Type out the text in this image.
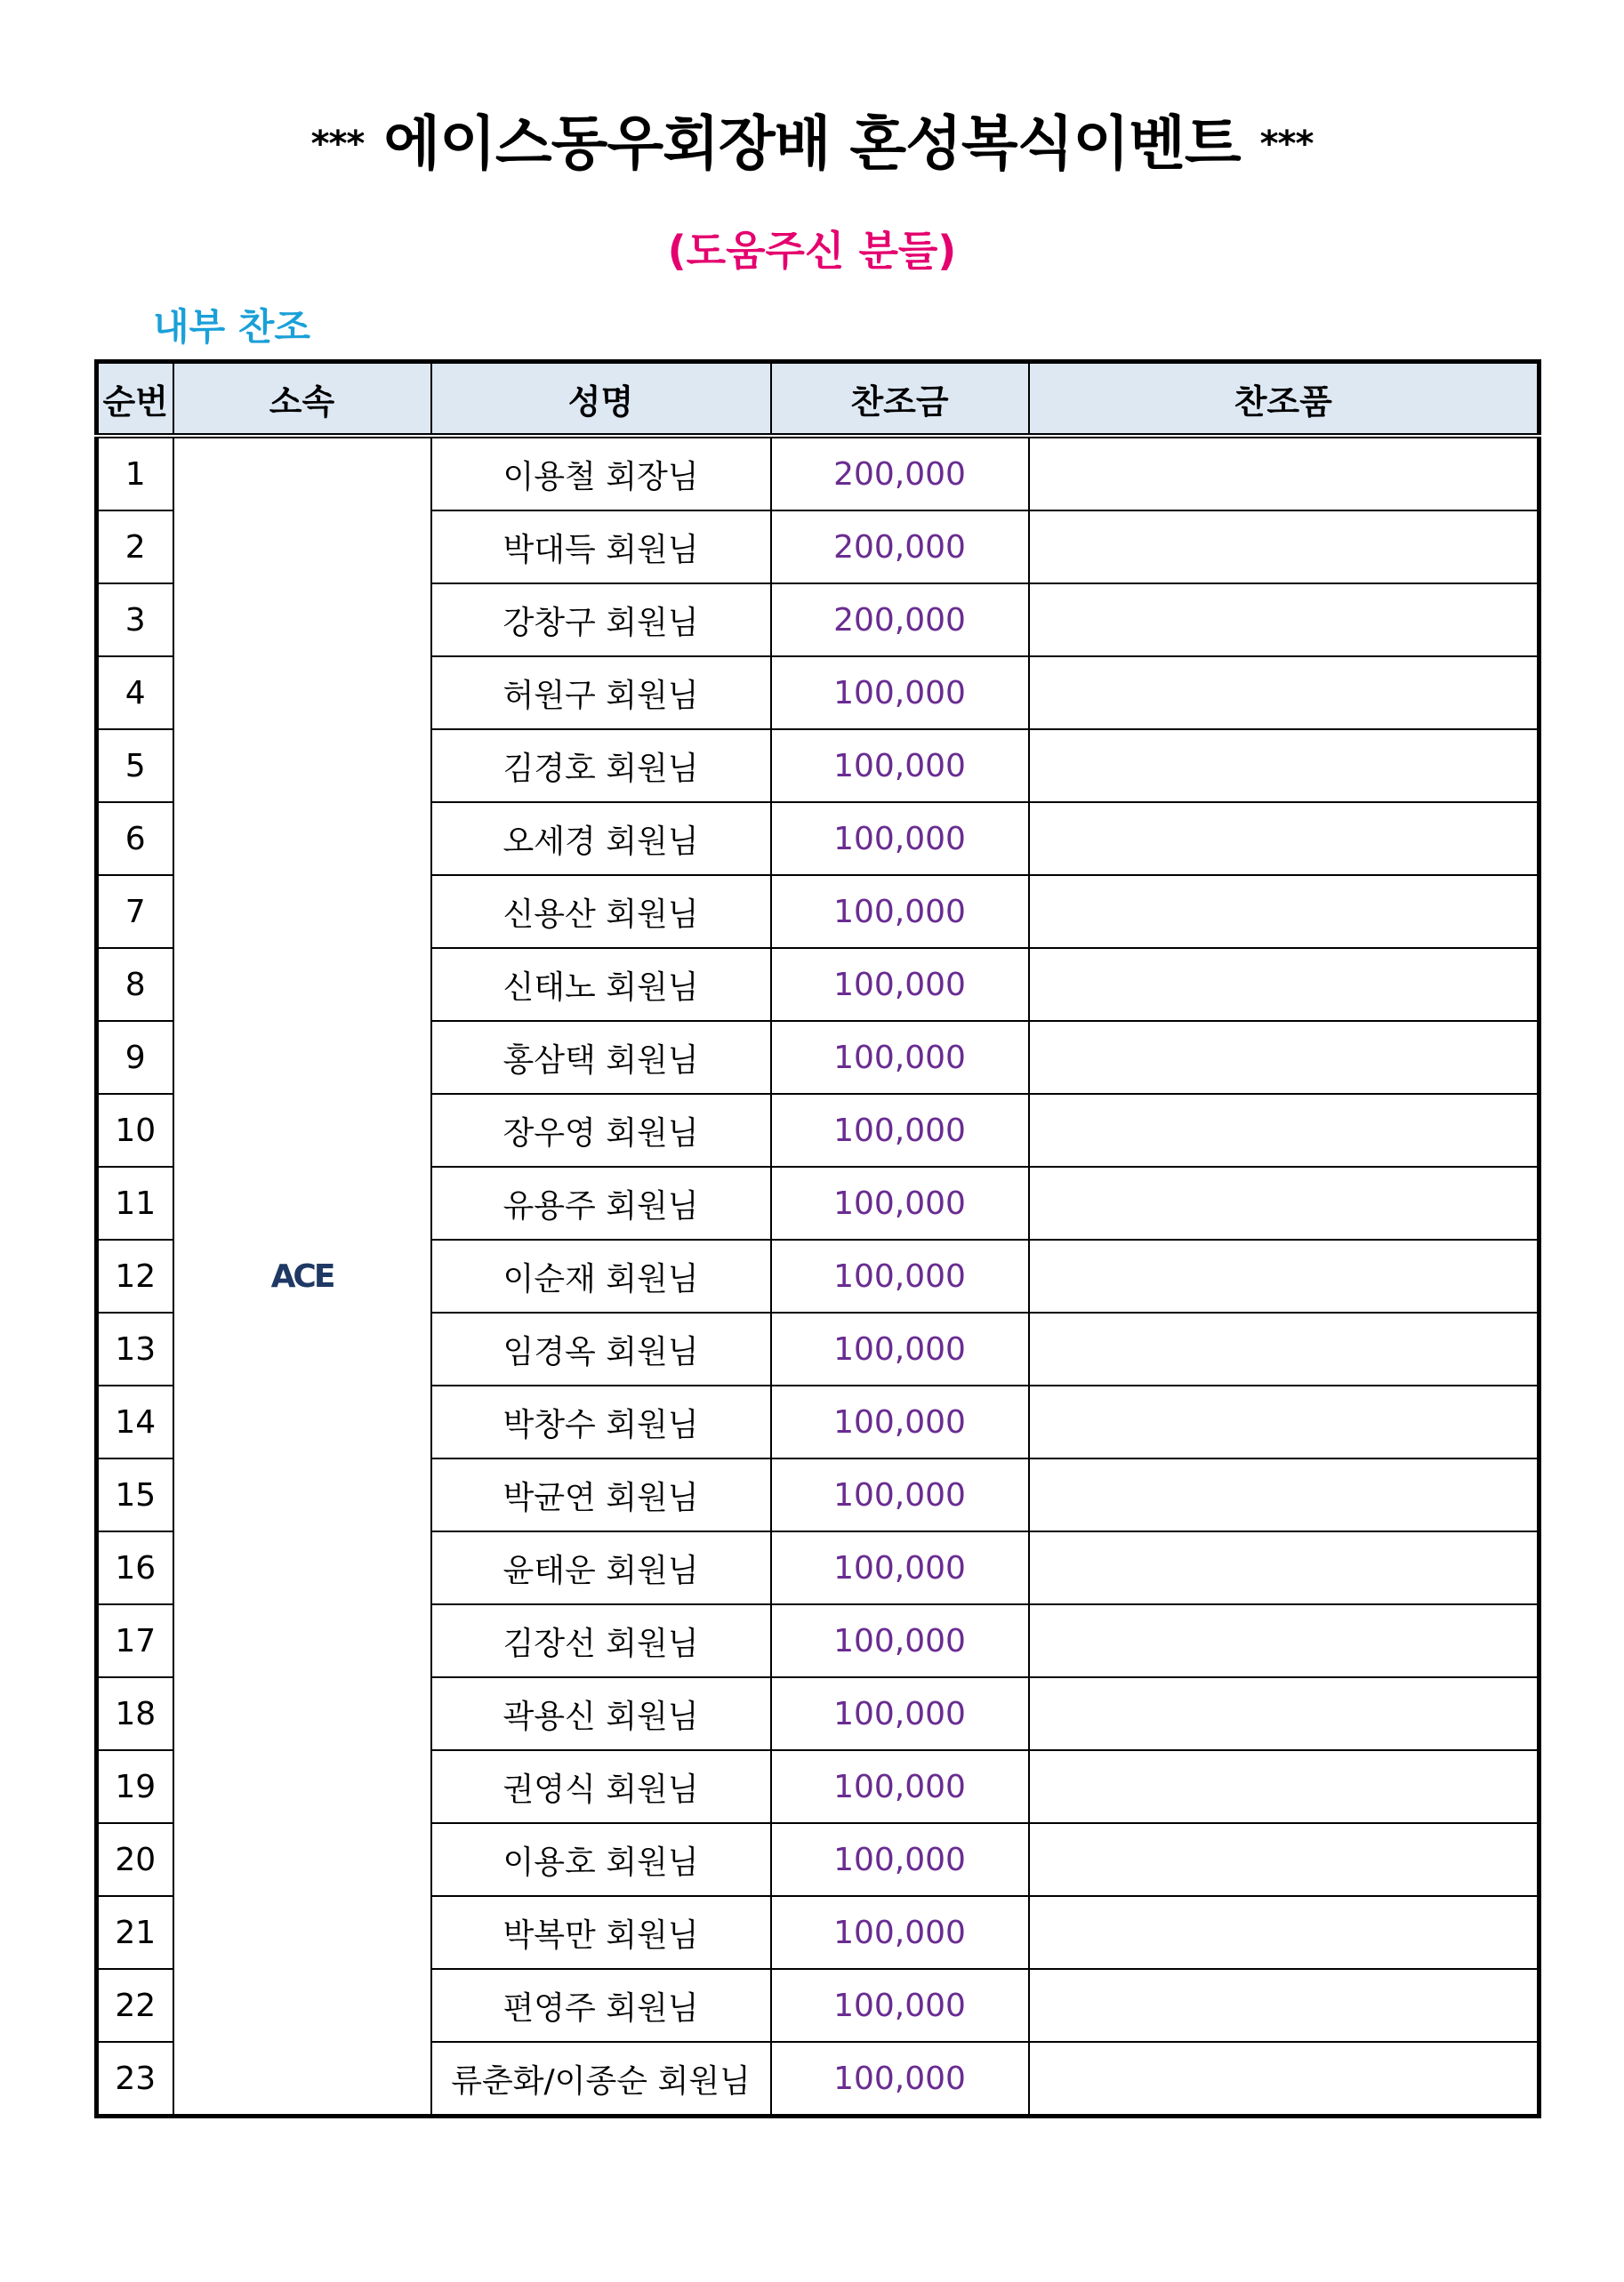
*** 에이스동우회장배 혼성복식이벤트 ***
(도움주신 분들)
내부 찬조
순번	소속	성명	찬조금	찬조품
1	ACE	이용철 회장님	200,000	
2		박대득 회원님	200,000	
3		강창구 회원님	200,000	
4		허원구 회원님	100,000	
5		김경호 회원님	100,000	
6		오세경 회원님	100,000	
7		신용산 회원님	100,000	
8		신태노 회원님	100,000	
9		홍삼택 회원님	100,000	
10		장우영 회원님	100,000	
11		유용주 회원님	100,000	
12		이순재 회원님	100,000	
13		임경옥 회원님	100,000	
14		박창수 회원님	100,000	
15		박균연 회원님	100,000	
16		윤태운 회원님	100,000	
17		김장선 회원님	100,000	
18		곽용신 회원님	100,000	
19		권영식 회원님	100,000	
20		이용호 회원님	100,000	
21		박복만 회원님	100,000	
22		편영주 회원님	100,000	
23		류춘화/이종순 회원님	100,000	
